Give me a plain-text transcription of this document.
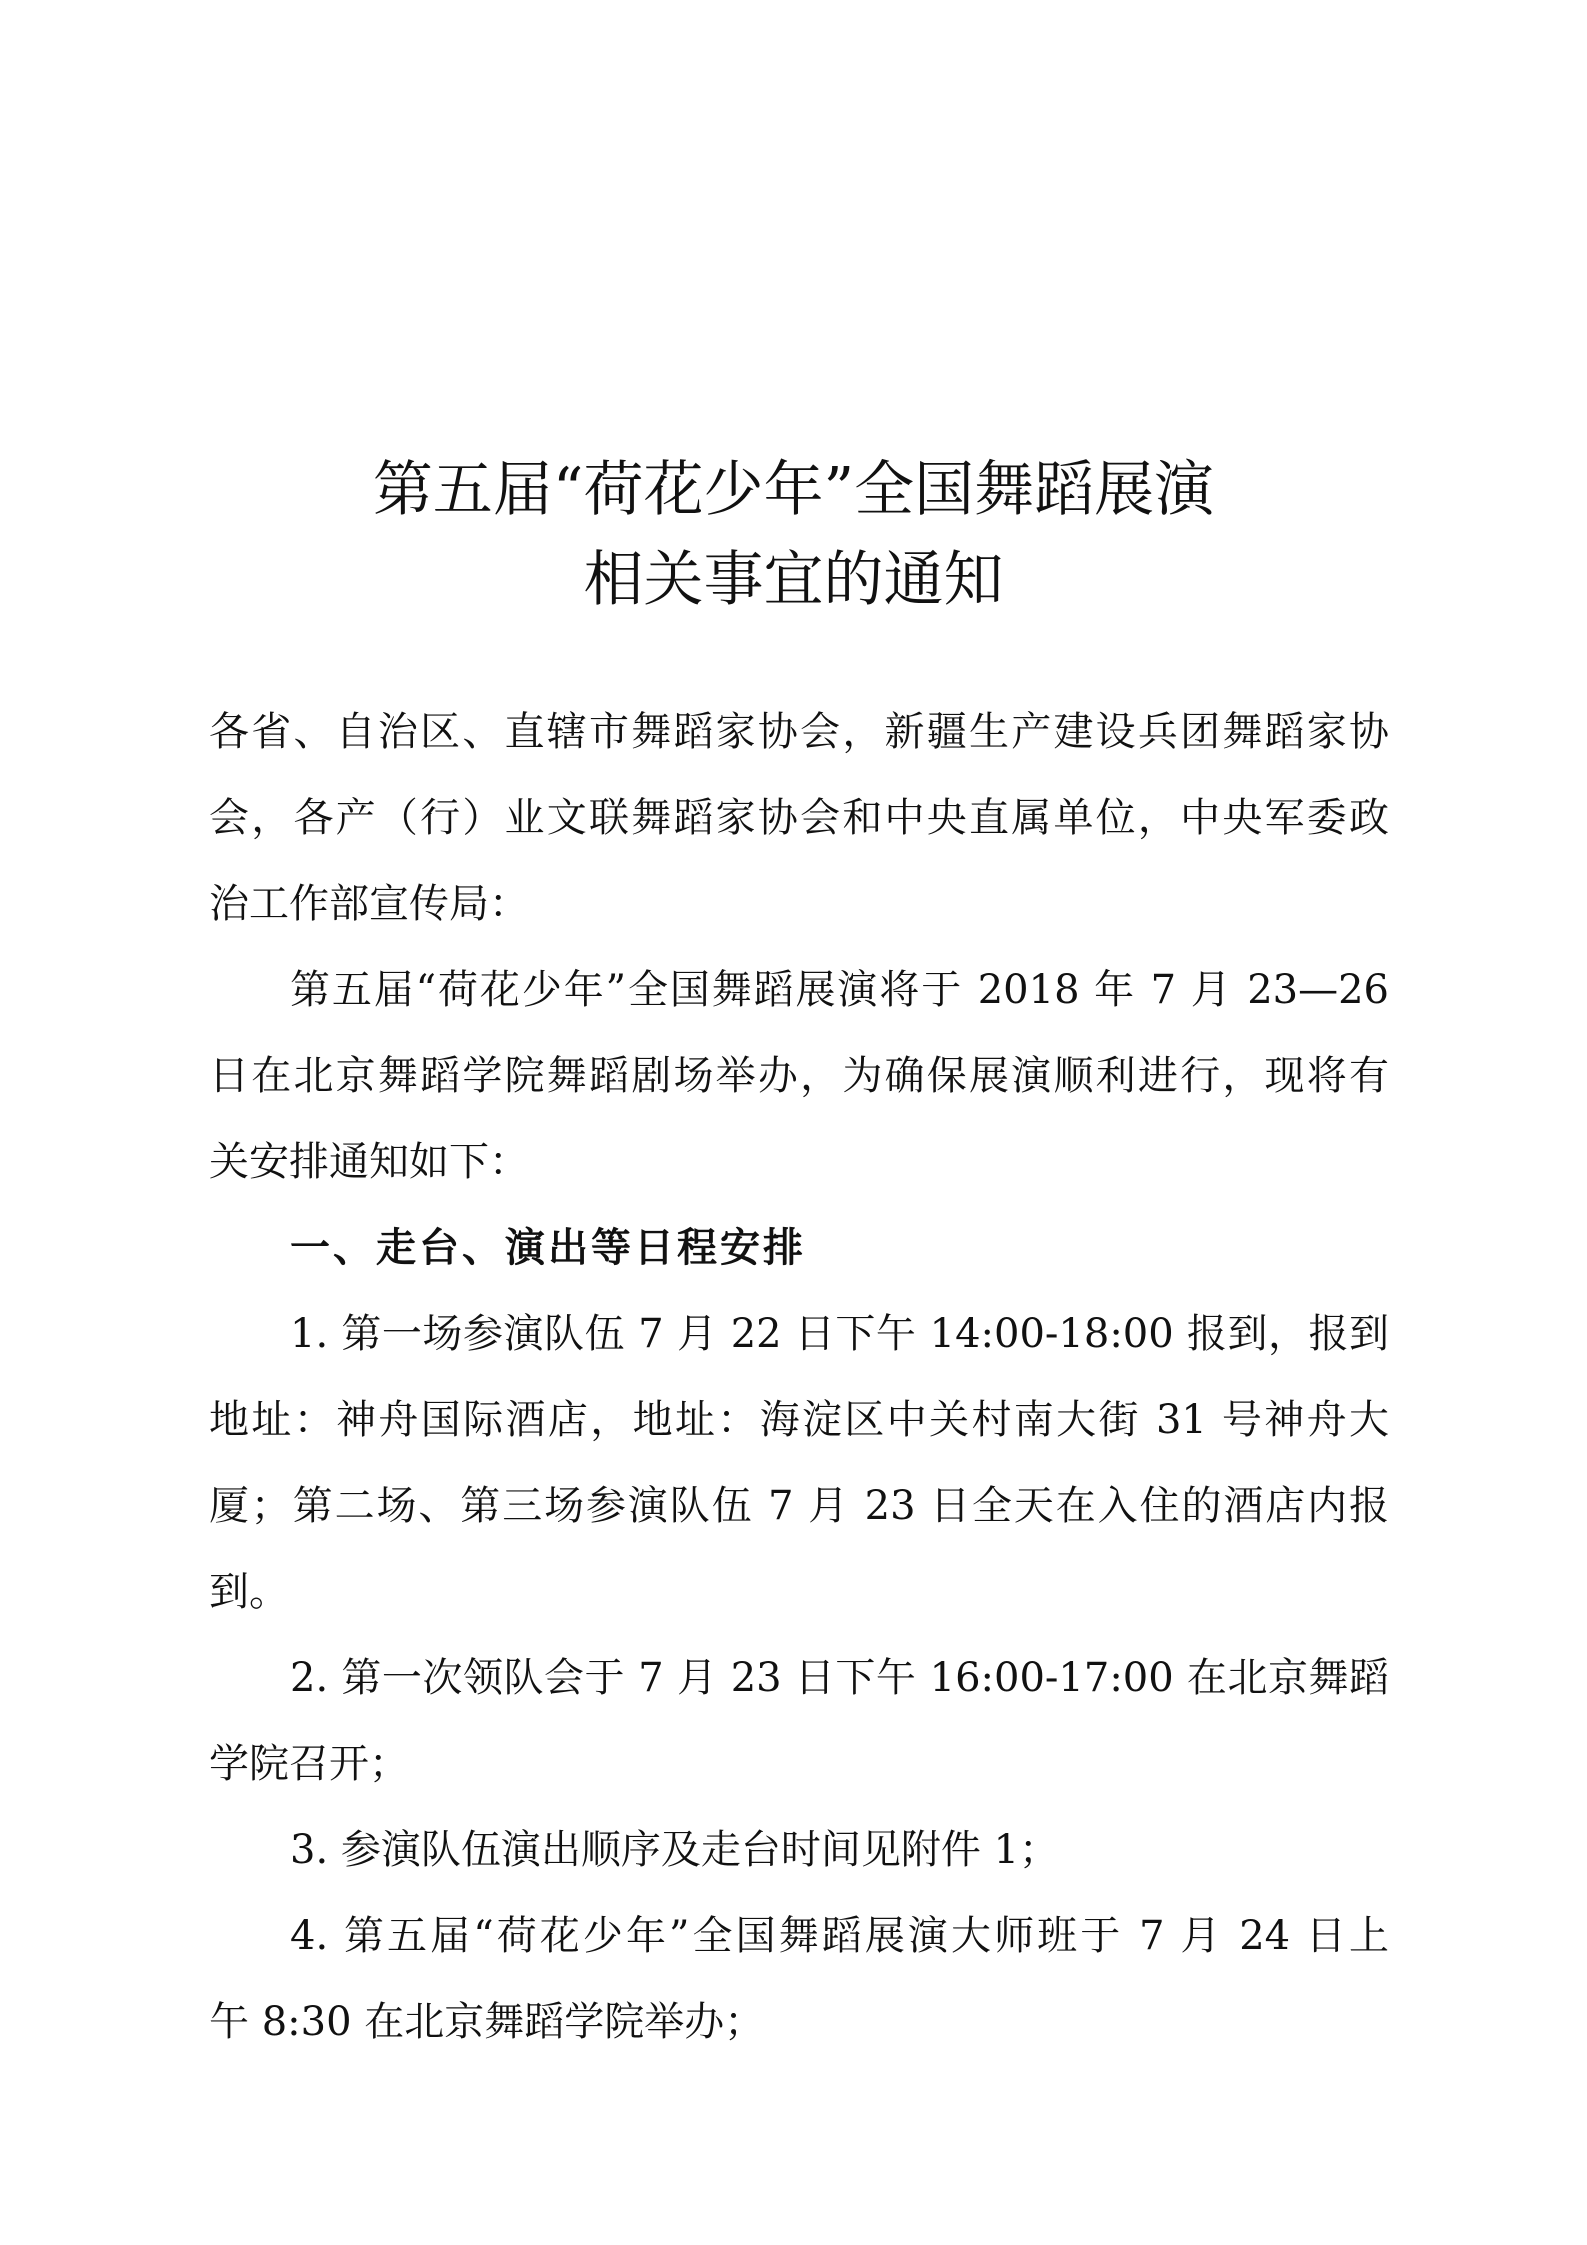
第五届“荷花少年”全国舞蹈展演
相关事宜的通知
各省、自治区、直辖市舞蹈家协会，新疆生产建设兵团舞蹈家协
会，各产（行）业文联舞蹈家协会和中央直属单位，中央军委政
治工作部宣传局：
第五届“荷花少年”全国舞蹈展演将于 2018 年 7 月 23—26
日在北京舞蹈学院舞蹈剧场举办，为确保展演顺利进行，现将有
关安排通知如下：
一、走台、演出等日程安排
1. 第一场参演队伍 7 月 22 日下午 14:00-18:00 报到，报到
地址：神舟国际酒店，地址：海淀区中关村南大街 31 号神舟大
厦；第二场、第三场参演队伍 7 月 23 日全天在入住的酒店内报
到。
2. 第一次领队会于 7 月 23 日下午 16:00-17:00 在北京舞蹈
学院召开；
3. 参演队伍演出顺序及走台时间见附件 1；
4. 第五届“荷花少年”全国舞蹈展演大师班于 7 月 24 日上
午 8:30 在北京舞蹈学院举办；
